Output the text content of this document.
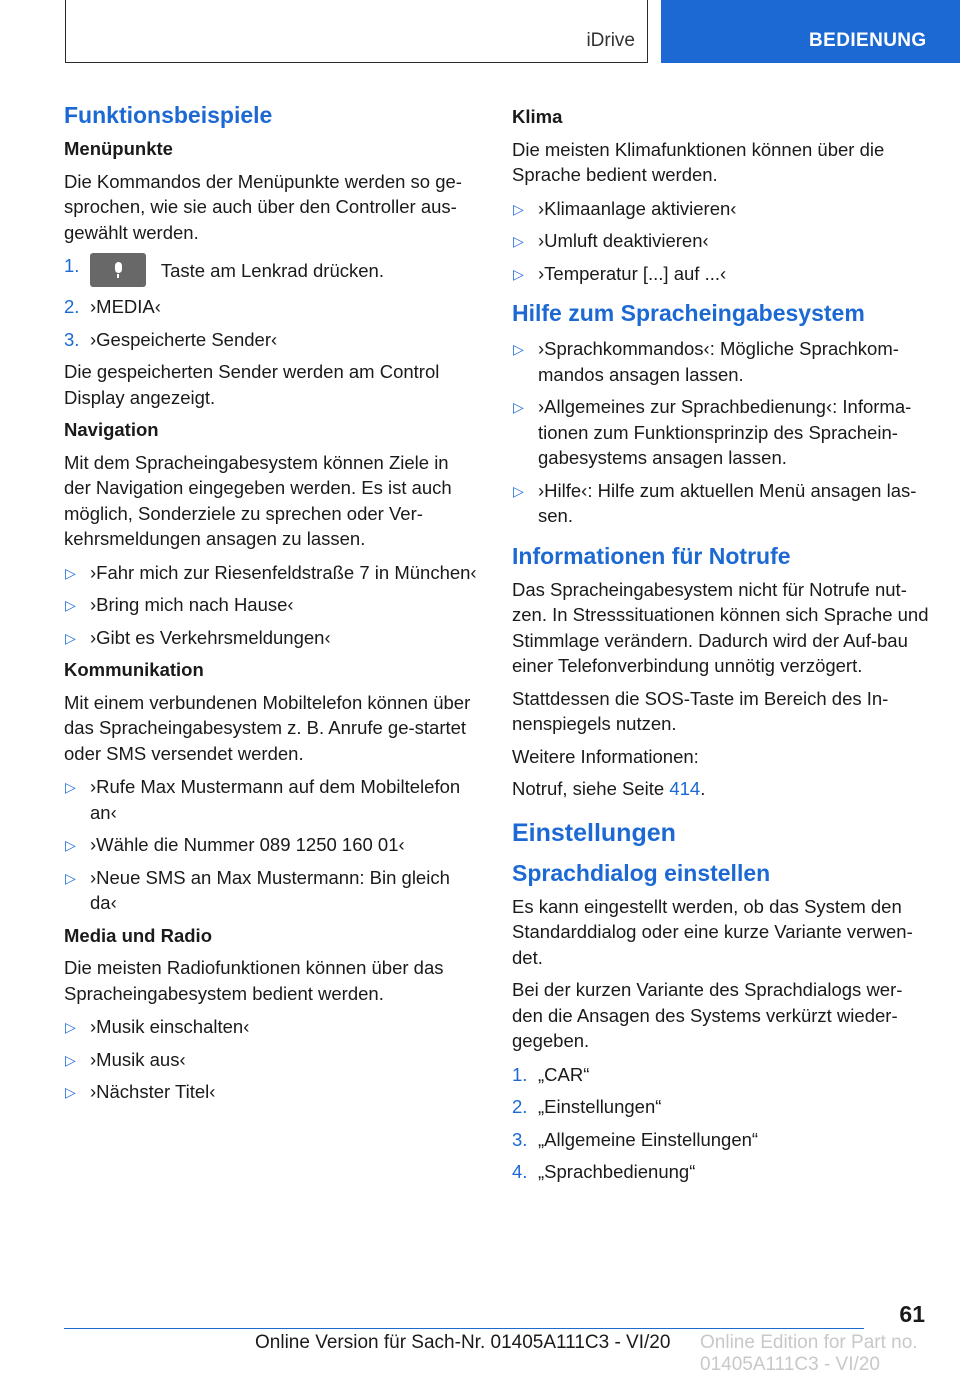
iDrive	BEDIENUNG
Funktionsbeispiele

Menüpunkte

Die Kommandos der Menüpunkte werden so ge-sprochen, wie sie auch über den Controller aus-gewählt werden.

1.	Taste am Lenkrad drücken.
2. ›MEDIA‹
3. ›Gespeicherte Sender‹

Die gespeicherten Sender werden am Control Display angezeigt.

Navigation

Mit dem Spracheingabesystem können Ziele in der Navigation eingegeben werden. Es ist auch möglich, Sonderziele zu sprechen oder Ver-kehrsmeldungen ansagen zu lassen.

▷ ›Fahr mich zur Riesenfeldstraße 7 in München‹
▷ ›Bring mich nach Hause‹
▷ ›Gibt es Verkehrsmeldungen‹

Kommunikation

Mit einem verbundenen Mobiltelefon können über das Spracheingabesystem z. B. Anrufe ge-startet oder SMS versendet werden.

▷ ›Rufe Max Mustermann auf dem Mobiltelefon an‹
▷ ›Wähle die Nummer 089 1250 160 01‹
▷ ›Neue SMS an Max Mustermann: Bin gleich da‹

Media und Radio

Die meisten Radiofunktionen können über das Spracheingabesystem bedient werden.

▷ ›Musik einschalten‹
▷ ›Musik aus‹
▷ ›Nächster Titel‹

Klima

Die meisten Klimafunktionen können über die Sprache bedient werden.

▷ ›Klimaanlage aktivieren‹
▷ ›Umluft deaktivieren‹
▷ ›Temperatur [...] auf ...‹
Hilfe zum Spracheingabesystem
▷ ›Sprachkommandos‹: Mögliche Sprachkom-mandos ansagen lassen.
▷ ›Allgemeines zur Sprachbedienung‹: Informa-tionen zum Funktionsprinzip des Sprachein-gabesystems ansagen lassen.
▷ ›Hilfe‹: Hilfe zum aktuellen Menü ansagen las-sen.
Informationen für Notrufe

Das Spracheingabesystem nicht für Notrufe nut-zen. In Stresssituationen können sich Sprache und Stimmlage verändern. Dadurch wird der Auf-bau einer Telefonverbindung unnötig verzögert.

Stattdessen die SOS-Taste im Bereich des In-nenspiegels nutzen.

Weitere Informationen:

Notruf, siehe Seite 414.

Einstellungen
Sprachdialog einstellen

Es kann eingestellt werden, ob das System den Standarddialog oder eine kurze Variante verwen-det.

Bei der kurzen Variante des Sprachdialogs wer-den die Ansagen des Systems verkürzt wieder-gegeben.

1. „CAR“
2. „Einstellungen“
3. „Allgemeine Einstellungen“
4. „Sprachbedienung“
61
Online Edition for Part no. 01405A111C3 - VI/20
Online Version für Sach-Nr. 01405A111C3 - VI/20
